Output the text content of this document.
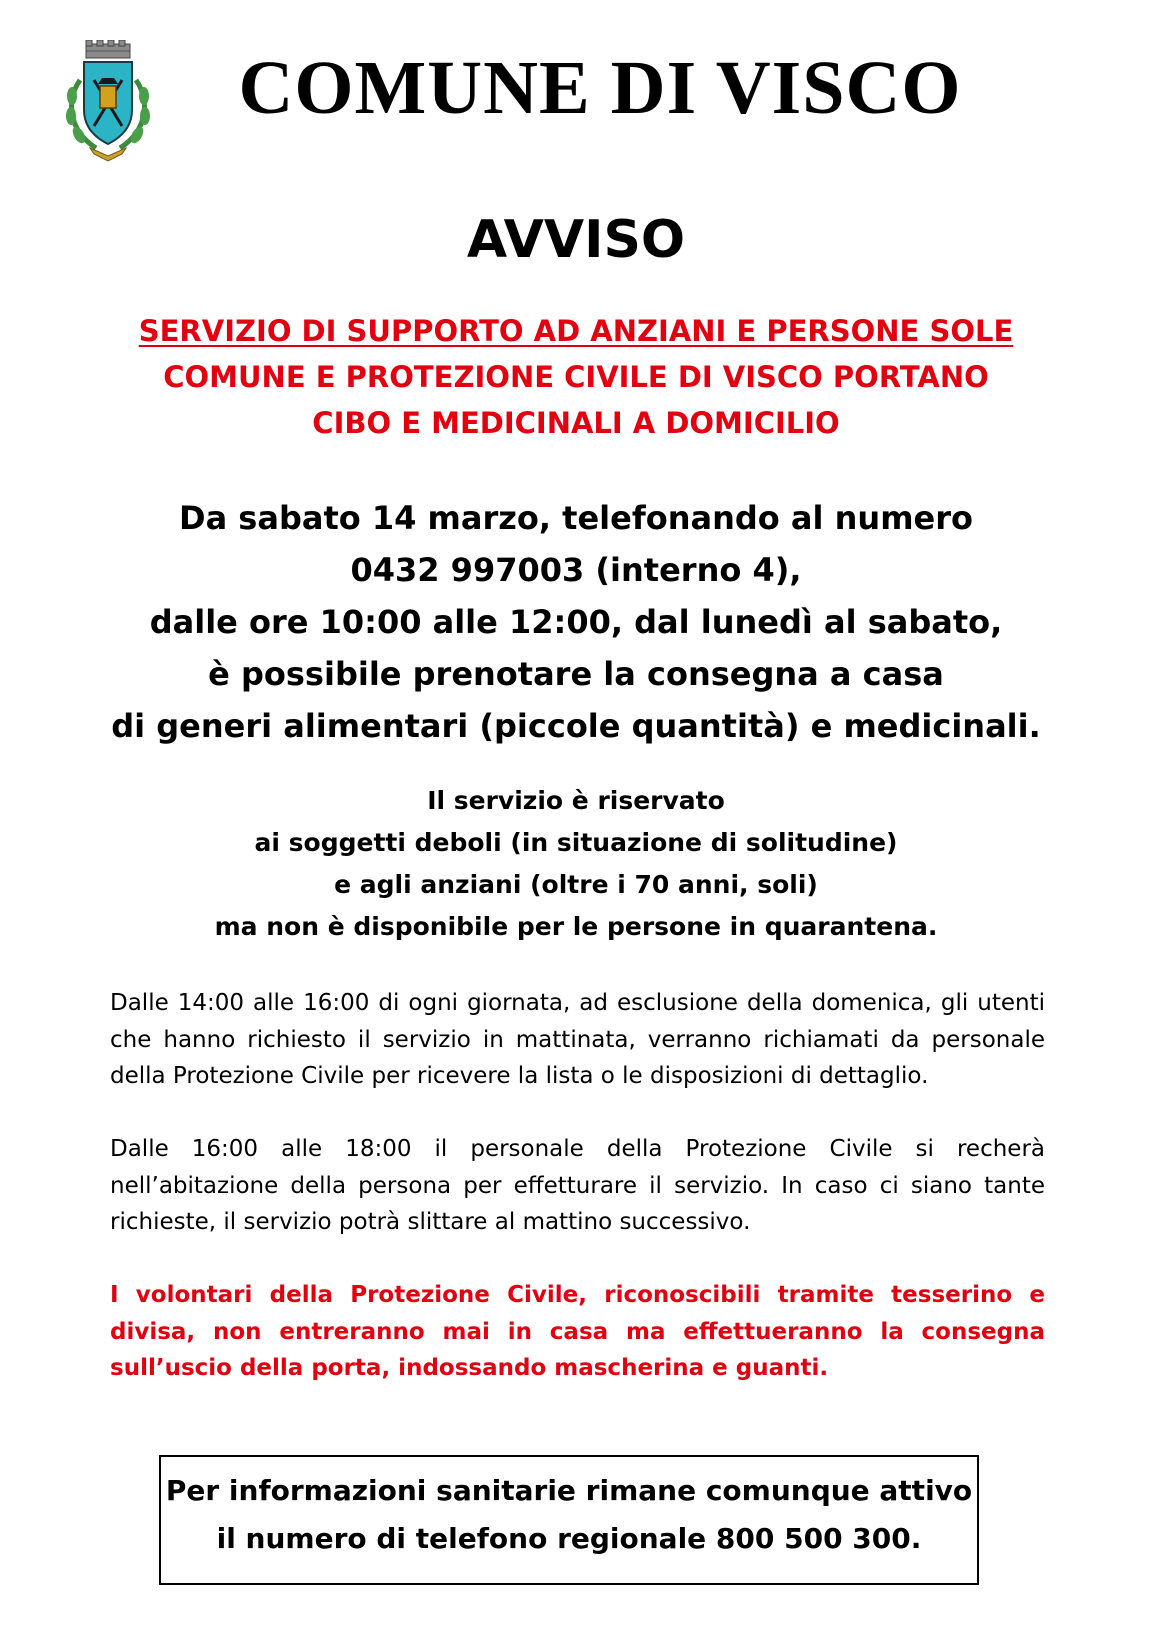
COMUNE DI VISCO
AVVISO
SERVIZIO DI SUPPORTO AD ANZIANI E PERSONE SOLE
COMUNE E PROTEZIONE CIVILE DI VISCO PORTANO
CIBO E MEDICINALI A DOMICILIO
Da sabato 14 marzo, telefonando al numero
0432 997003 (interno 4),
dalle ore 10:00 alle 12:00, dal lunedì al sabato,
è possibile prenotare la consegna a casa
di generi alimentari (piccole quantità) e medicinali.
Il servizio è riservato
ai soggetti deboli (in situazione di solitudine)
e agli anziani (oltre i 70 anni, soli)
ma non è disponibile per le persone in quarantena.

Dalle 14:00 alle 16:00 di ogni giornata, ad esclusione della domenica, gli utenti che hanno richiesto il servizio in mattinata, verranno richiamati da personale della Protezione Civile per ricevere la lista o le disposizioni di dettaglio.

Dalle 16:00 alle 18:00 il personale della Protezione Civile si recherà nell’abitazione della persona per effetturare il servizio. In caso ci siano tante richieste, il servizio potrà slittare al mattino successivo.

I volontari della Protezione Civile, riconoscibili tramite tesserino e divisa, non entreranno mai in casa ma effettueranno la consegna sull’uscio della porta, indossando mascherina e guanti.

Per informazioni sanitarie rimane comunque attivo
il numero di telefono regionale 800 500 300.
